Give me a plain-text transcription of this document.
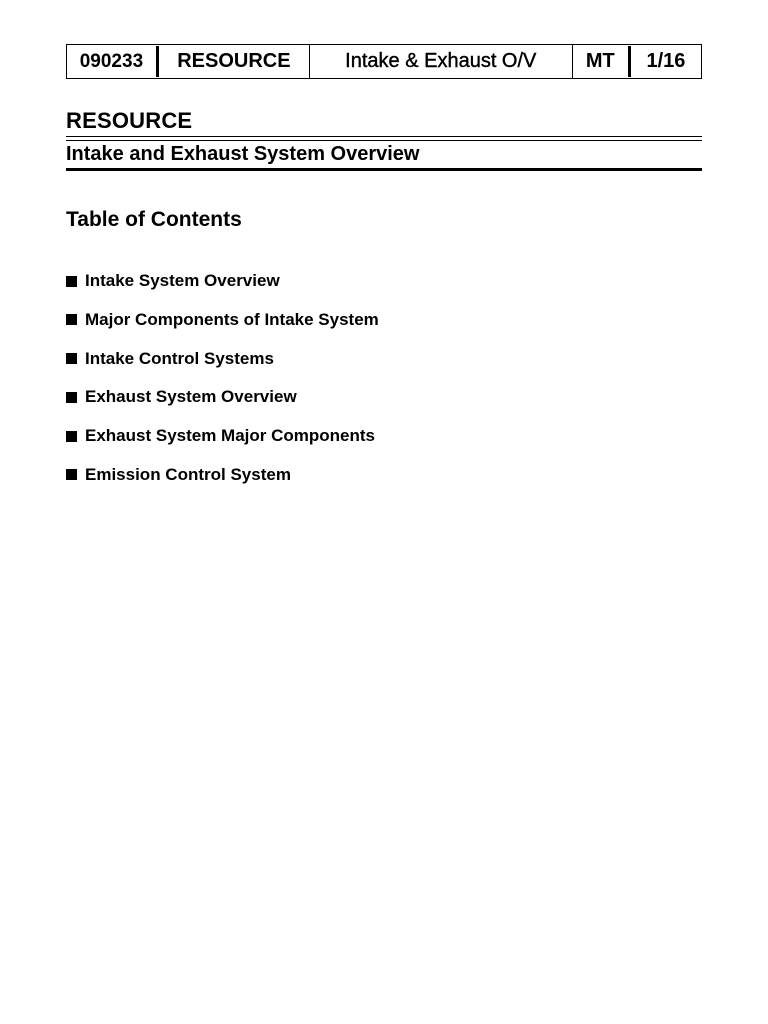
090233	RESOURCE	Intake & Exhaust O/V	MT	1/16
RESOURCE
Intake and Exhaust System Overview
Table of Contents
Intake System Overview
Major Components of Intake System
Intake Control Systems
Exhaust System Overview
Exhaust System Major Components
Emission Control System
